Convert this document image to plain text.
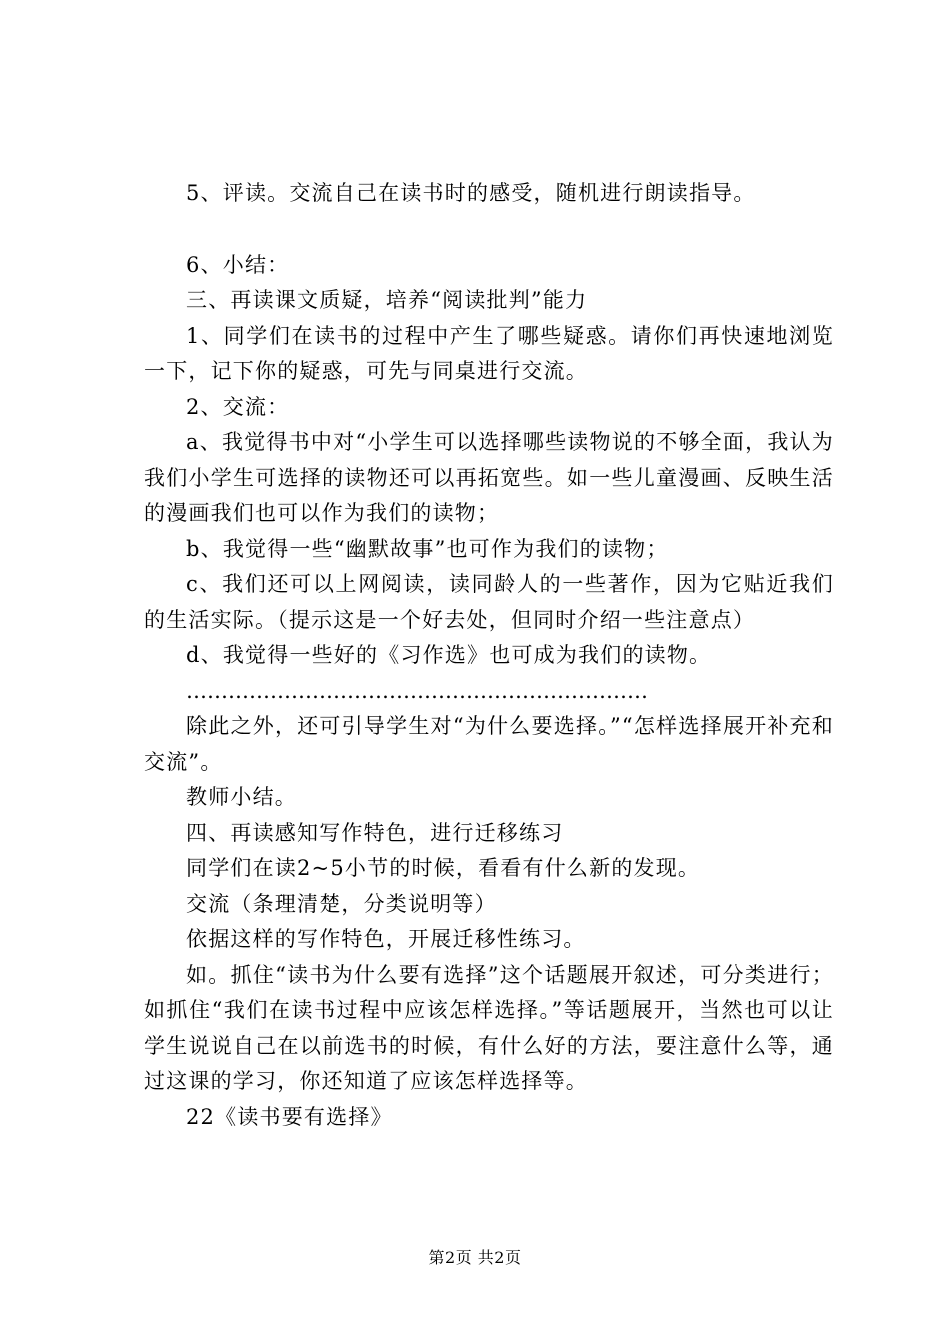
5、评读。交流自己在读书时的感受，随机进行朗读指导。

6、小结：

三、再读课文质疑，培养“阅读批判”能力

1、同学们在读书的过程中产生了哪些疑惑。请你们再快速地浏览一下，记下你的疑惑，可先与同桌进行交流。

2、交流：

a、我觉得书中对“小学生可以选择哪些读物说的不够全面，我认为我们小学生可选择的读物还可以再拓宽些。如一些儿童漫画、反映生活的漫画我们也可以作为我们的读物；

b、我觉得一些“幽默故事”也可作为我们的读物；

c、我们还可以上网阅读，读同龄人的一些著作，因为它贴近我们的生活实际。（提示这是一个好去处，但同时介绍一些注意点）

d、我觉得一些好的《习作选》也可成为我们的读物。

…………………………………………………………

除此之外，还可引导学生对“为什么要选择。”“怎样选择展开补充和交流”。

教师小结。

四、再读感知写作特色，进行迁移练习

同学们在读2~5小节的时候，看看有什么新的发现。

交流（条理清楚，分类说明等）

依据这样的写作特色，开展迁移性练习。

如。抓住“读书为什么要有选择”这个话题展开叙述，可分类进行；如抓住“我们在读书过程中应该怎样选择。”等话题展开，当然也可以让学生说说自己在以前选书的时候，有什么好的方法，要注意什么等，通过这课的学习，你还知道了应该怎样选择等。

22《读书要有选择》

第2页 共2页
